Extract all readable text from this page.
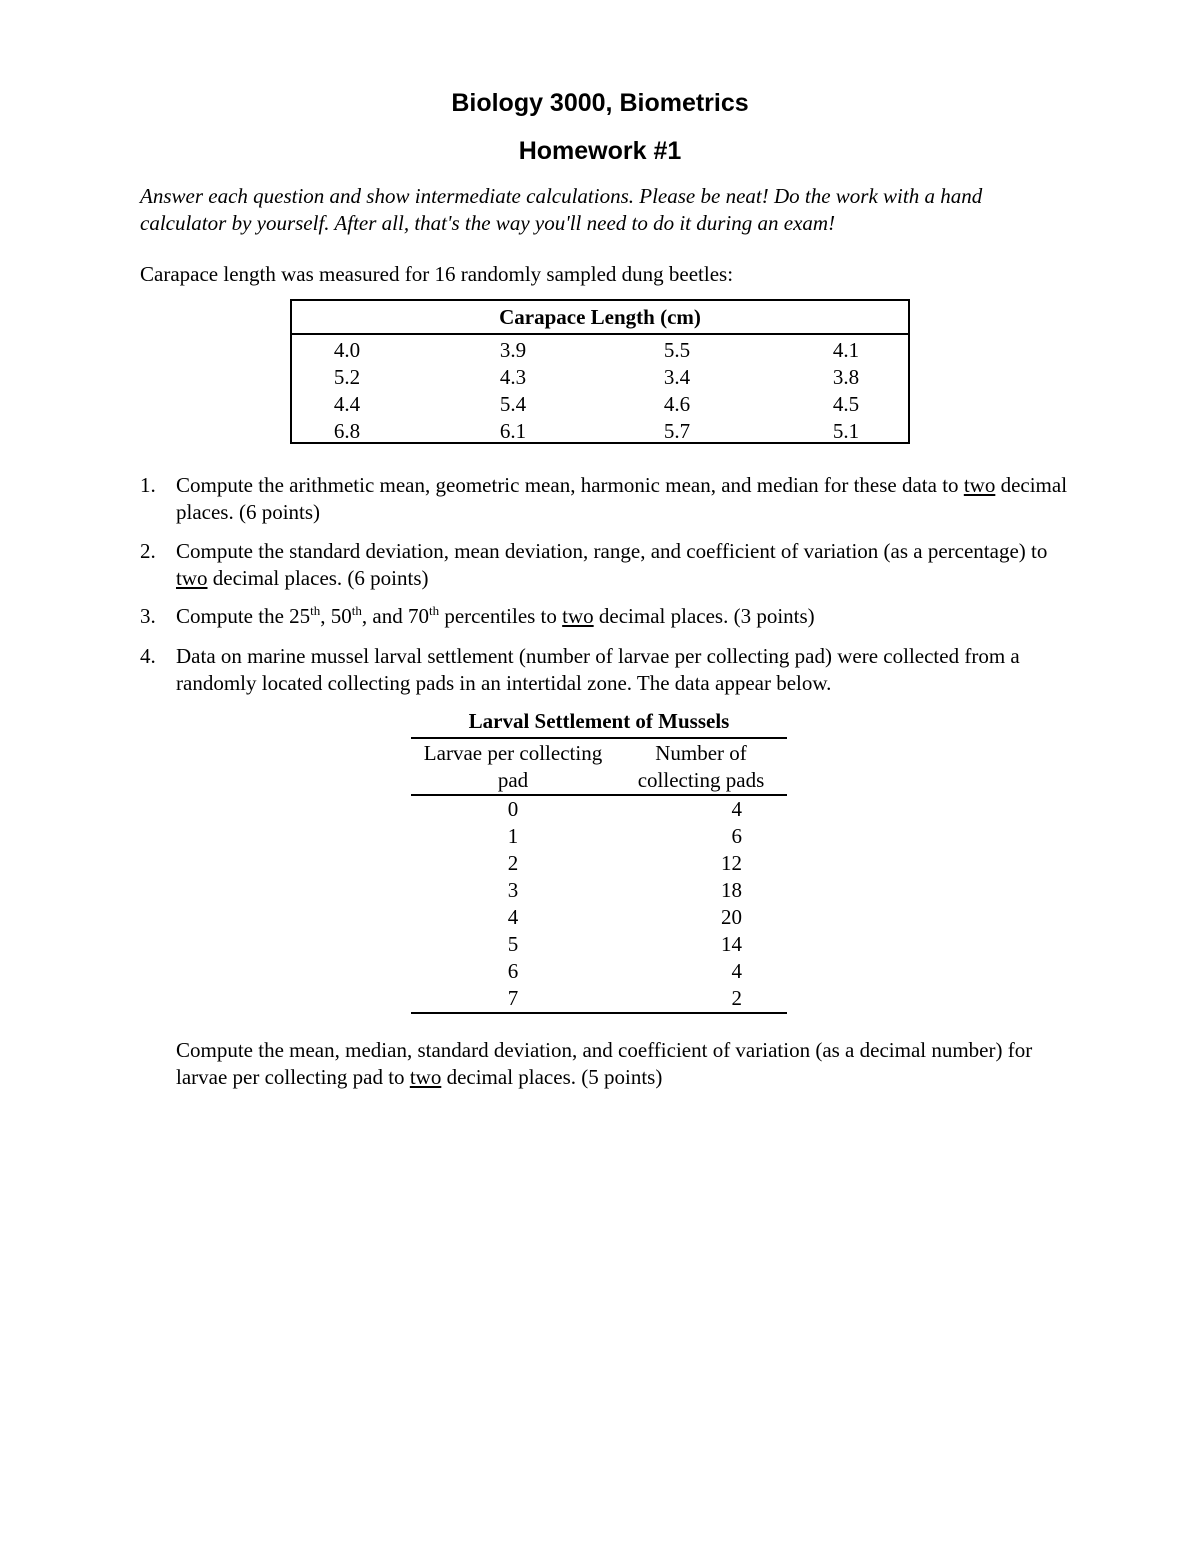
Biology 3000, Biometrics
Homework #1
Answer each question and show intermediate calculations. Please be neat! Do the work with a hand calculator by yourself. After all, that's the way you'll need to do it during an exam!
Carapace length was measured for 16 randomly sampled dung beetles:
Carapace Length (cm)
4.0	3.9	5.5	4.1
5.2	4.3	3.4	3.8
4.4	5.4	4.6	4.5
6.8	6.1	5.7	5.1
1. Compute the arithmetic mean, geometric mean, harmonic mean, and median for these data to two decimal places. (6 points)
2. Compute the standard deviation, mean deviation, range, and coefficient of variation (as a percentage) to two decimal places. (6 points)
3. Compute the 25th, 50th, and 70th percentiles to two decimal places. (3 points)
4. Data on marine mussel larval settlement (number of larvae per collecting pad) were collected from a randomly located collecting pads in an intertidal zone. The data appear below.
Larval Settlement of Mussels
Larvae per collecting pad
Number of collecting pads
0	4
1	6
2	12
3	18
4	20
5	14
6	4
7	2
Compute the mean, median, standard deviation, and coefficient of variation (as a decimal number) for larvae per collecting pad to two decimal places. (5 points)
